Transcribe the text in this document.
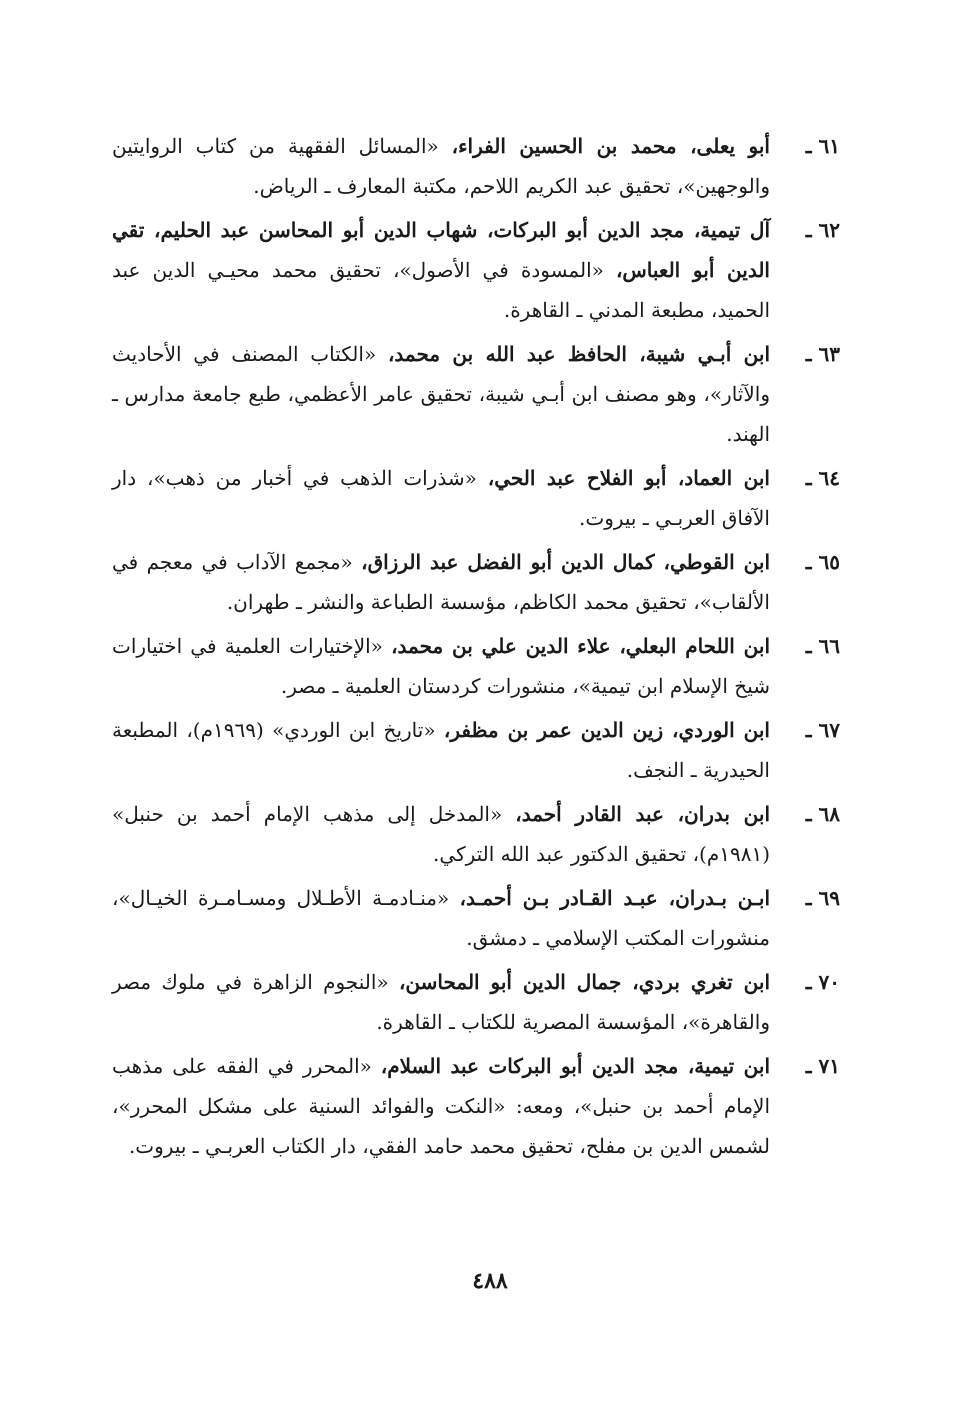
٦١ ـ
أبو يعلى، محمد بن الحسين الفراء، «المسائل الفقهية من كتاب الروايتين والوجهين»، تحقيق عبد الكريم اللاحم، مكتبة المعارف ـ الرياض.
٦٢ ـ
آل تيمية، مجد الدين أبو البركات، شهاب الدين أبو المحاسن عبد الحليم، تقي الدين أبو العباس، «المسودة في الأصول»، تحقيق محمد محيـي الدين عبد الحميد، مطبعة المدني ـ القاهرة.
٦٣ ـ
ابن أبـي شيبة، الحافظ عبد الله بن محمد، «الكتاب المصنف في الأحاديث والآثار»، وهو مصنف ابن أبـي شيبة، تحقيق عامر الأعظمي، طبع جامعة مدارس ـ الهند.
٦٤ ـ
ابن العماد، أبو الفلاح عبد الحي، «شذرات الذهب في أخبار من ذهب»، دار الآفاق العربـي ـ بيروت.
٦٥ ـ
ابن القوطي، كمال الدين أبو الفضل عبد الرزاق، «مجمع الآداب في معجم في الألقاب»، تحقيق محمد الكاظم، مؤسسة الطباعة والنشر ـ طهران.
٦٦ ـ
ابن اللحام البعلي، علاء الدين علي بن محمد، «الإختيارات العلمية في اختيارات شيخ الإسلام ابن تيمية»، منشورات كردستان العلمية ـ مصر.
٦٧ ـ
ابن الوردي، زين الدين عمر بن مظفر، «تاريخ ابن الوردي» (١٩٦٩م)، المطبعة الحيدرية ـ النجف.
٦٨ ـ
ابن بدران، عبد القادر أحمد، «المدخل إلى مذهب الإمام أحمد بن حنبل» (١٩٨١م)، تحقيق الدكتور عبد الله التركي.
٦٩ ـ
ابـن بـدران، عبـد القـادر بـن أحمـد، «منـادمـة الأطـلال ومسـامـرة الخيـال»، منشورات المكتب الإسلامي ـ دمشق.
٧٠ ـ
ابن تغري بردي، جمال الدين أبو المحاسن، «النجوم الزاهرة في ملوك مصر والقاهرة»، المؤسسة المصرية للكتاب ـ القاهرة.
٧١ ـ
ابن تيمية، مجد الدين أبو البركات عبد السلام، «المحرر في الفقه على مذهب الإمام أحمد بن حنبل»، ومعه: «النكت والفوائد السنية على مشكل المحرر»، لشمس الدين بن مفلح، تحقيق محمد حامد الفقي، دار الكتاب العربـي ـ بيروت.
٤٨٨
